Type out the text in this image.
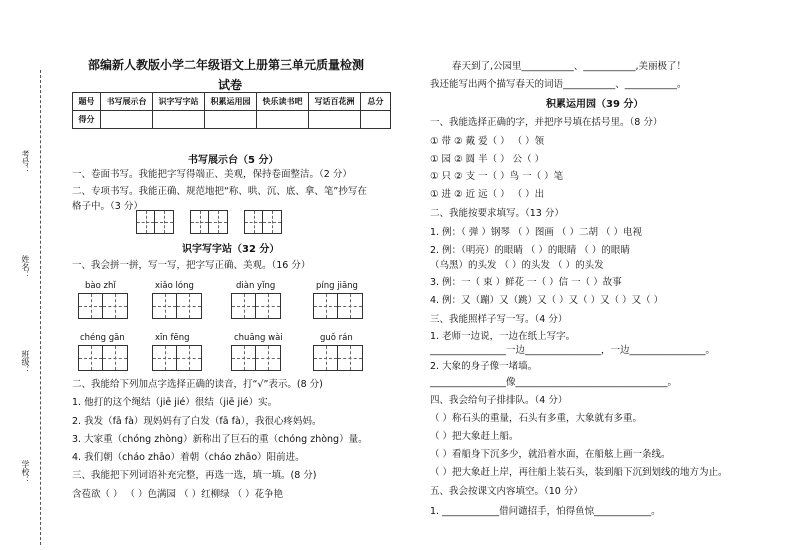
考号：
姓名：
班级：
学校：
部编新人教版小学二年级语文上册第三单元质量检测
试卷
题号	书写展示台	识字写字站	积累运用园	快乐读书吧	写话百花洲	总分
得分						
书写展示台（5 分）
一、卷面书写。我能把字写得端正、美观，保持卷面整洁。（2 分）
二、专项书写。我能正确、规范地把“称、哄、沉、底、拿、笔”抄写在
格子中。（3 分）
识字写字站（32 分）
一、我会拼一拼，写一写，把字写正确、美观。（16 分）
bào zhǐ	xiǎo lóng	diàn yǐng	píng jiāng
chéng gān	xīn fēng	chuāng wài	guǒ rán
二、我能给下列加点字选择正确的读音，打“√”表示。(8 分)
1. 他打的这个绳结（jiē jié）很结（jiē jié）实。
2. 我发（fā fà）现妈妈有了白发（fā fà），我很心疼妈妈。
3. 大家重（chóng zhòng）新称出了巨石的重（chóng zhòng）量。
4. 我们朝（cháo zhāo）着朝（cháo zhāo）阳前进。
三、我能把下列词语补充完整，再选一选，填一填。(8 分)
含苞欲（ ） （ ）色满园 （ ）红柳绿 （ ）花争艳
春天到了,公园里___________、___________,美丽极了！
我还能写出两个描写春天的词语___________、___________。
积累运用园（39 分）
一、我能选择正确的字，并把序号填在括号里。（8 分）
① 带 ② 戴 爱（ ） （ ）领
① 园 ② 圆 半（ ） 公（ ）
① 只 ② 支 一（ ）鸟 一（ ）笔
① 进 ② 近 远（ ） （ ）出
二、我能按要求填写。（13 分）
1. 例：（ 弹 ）钢琴 （ ）图画 （ ）二胡 （ ）电视
2. 例：（明亮）的眼睛 （ ）的眼睛 （ ）的眼睛
（乌黑）的头发 （ ）的头发 （ ）的头发
3. 例：一（ 束 ）鲜花 一（ ）信 一（ ）故事
4. 例：又（蹦）又（跳）又（ ）又（ ）又（ ）又（ ）
三、我能照样子写一写。（4 分）
1. 老师一边说，一边在纸上写字。
________________一边________________，一边________________。
2. 大象的身子像一堵墙。
________________像________________________________。
四、我会给句子排排队。（4 分）
（ ）称石头的重量，石头有多重，大象就有多重。
（ ）把大象赶上船。
（ ）看船身下沉多少，就沿着水面，在船舷上画一条线。
（ ）把大象赶上岸，再往船上装石头，装到船下沉到划线的地方为止。
五、我会按课文内容填空。（10 分）
1. ____________借问谴招手，怕得鱼惊____________。
